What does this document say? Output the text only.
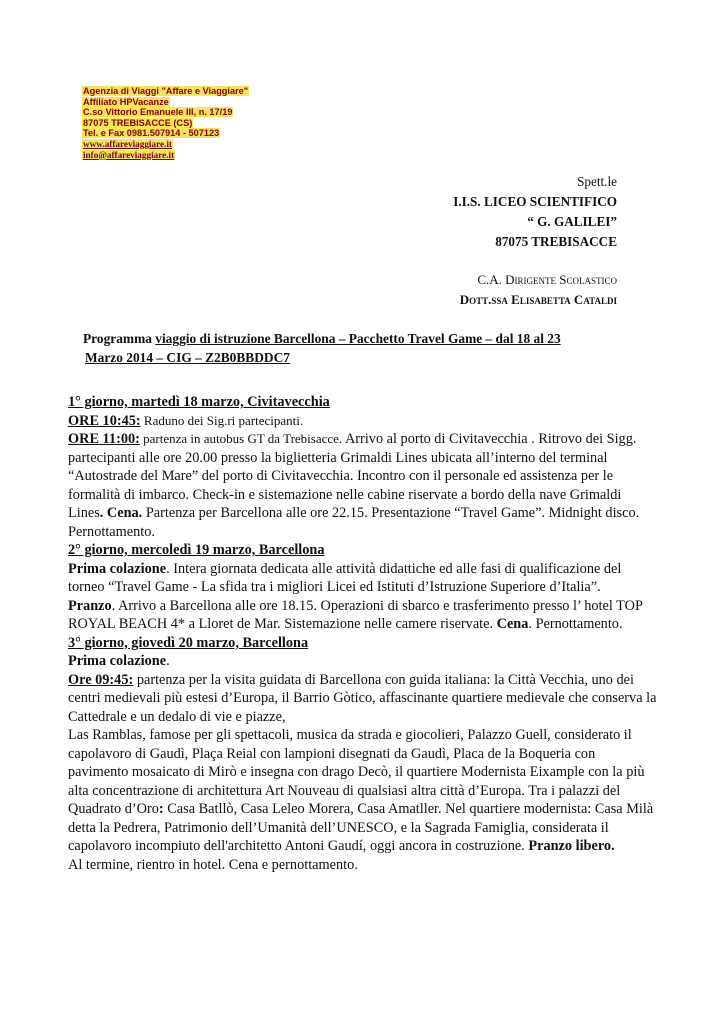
Agenzia di Viaggi "Affare e Viaggiare"
Affiliato HPVacanze
C.so Vittorio Emanuele III, n. 17/19
87075 TREBISACCE (CS)
Tel. e Fax 0981.507914 - 507123
www.affareviaggiare.it
info@affareviaggiare.it
Spett.le
I.I.S. LICEO SCIENTIFICO
“ G. GALILEI”
87075 TREBISACCE
C.A. Dirigente Scolastico
Dott.ssa Elisabetta Cataldi
Programma viaggio di istruzione Barcellona – Pacchetto Travel Game – dal 18 al 23
Marzo 2014 – CIG – Z2B0BBDDC7

1° giorno, martedì 18 marzo, Civitavecchia

ORE 10:45: Raduno dei Sig.ri partecipanti.

ORE 11:00: partenza in autobus GT da Trebisacce. Arrivo al porto di Civitavecchia . Ritrovo dei Sigg. partecipanti alle ore 20.00 presso la biglietteria Grimaldi Lines ubicata all’interno del terminal “Autostrade del Mare” del porto di Civitavecchia. Incontro con il personale ed assistenza per le formalità di imbarco. Check-in e sistemazione nelle cabine riservate a bordo della nave Grimaldi Lines. Cena. Partenza per Barcellona alle ore 22.15. Presentazione “Travel Game”. Midnight disco. Pernottamento.

2° giorno, mercoledì 19 marzo, Barcellona

Prima colazione. Intera giornata dedicata alle attività didattiche ed alle fasi di qualificazione del torneo “Travel Game - La sfida tra i migliori Licei ed Istituti d’Istruzione Superiore d’Italia”.

Pranzo. Arrivo a Barcellona alle ore 18.15. Operazioni di sbarco e trasferimento presso l’ hotel TOP ROYAL BEACH 4* a Lloret de Mar. Sistemazione nelle camere riservate. Cena. Pernottamento.

3° giorno, giovedì 20 marzo, Barcellona

Prima colazione.

Ore 09:45: partenza per la visita guidata di Barcellona con guida italiana: la Città Vecchia, uno dei centri medievali più estesi d’Europa, il Barrio Gòtico, affascinante quartiere medievale che conserva la Cattedrale e un dedalo di vie e piazze,

Las Ramblas, famose per gli spettacoli, musica da strada e giocolieri, Palazzo Guell, considerato il capolavoro di Gaudì, Plaça Reial con lampioni disegnati da Gaudì, Placa de la Boqueria con pavimento mosaicato di Mirò e insegna con drago Decò, il quartiere Modernista Eixample con la più alta concentrazione di architettura Art Nouveau di qualsiasi altra città d’Europa. Tra i palazzi del Quadrato d’Oro: Casa Batllò, Casa Leleo Morera, Casa Amatller. Nel quartiere modernista: Casa Milà detta la Pedrera, Patrimonio dell’Umanità dell’UNESCO, e la Sagrada Famiglia, considerata il capolavoro incompiuto dell'architetto Antoni Gaudí, oggi ancora in costruzione. Pranzo libero.

Al termine, rientro in hotel. Cena e pernottamento.
